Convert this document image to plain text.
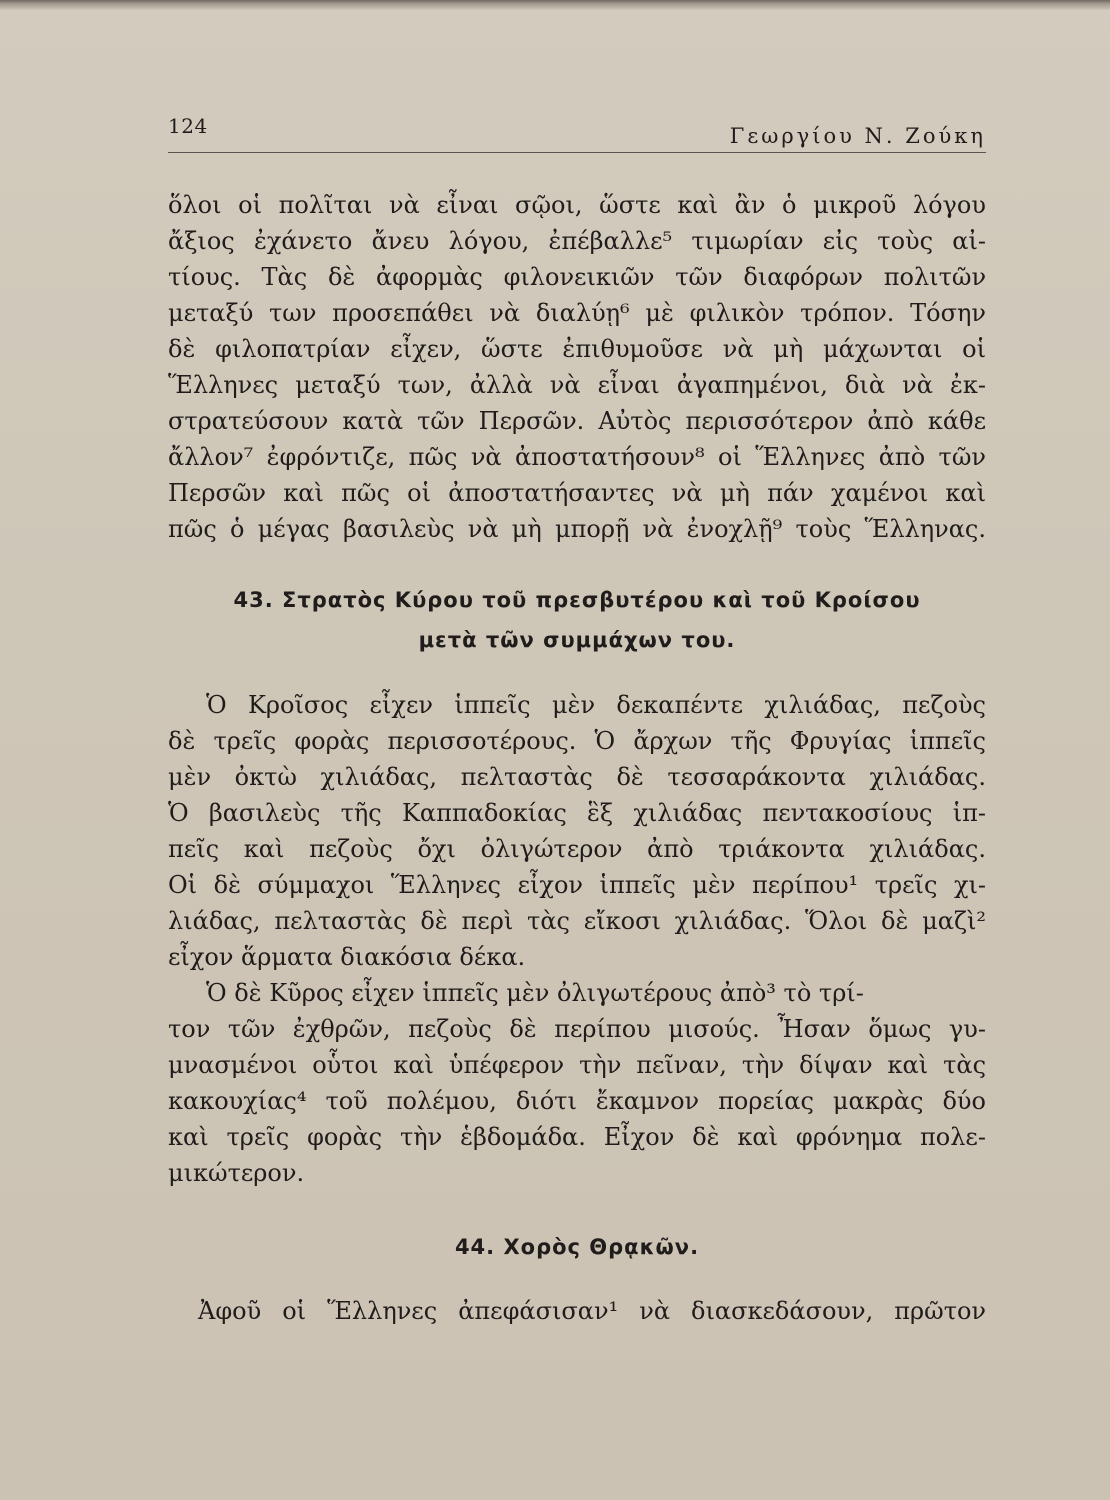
124	Γεωργίου Ν. Ζούκη
ὅλοι οἱ πολῖται νὰ εἶναι σῷοι, ὥστε καὶ ἂν ὁ μικροῦ λόγου
ἄξιος ἐχάνετο ἄνευ λόγου, ἐπέβαλλε⁵ τιμωρίαν εἰς τοὺς αἰ-
τίους. Τὰς δὲ ἀφορμὰς φιλονεικιῶν τῶν διαφόρων πολιτῶν
μεταξύ των προσεπάθει νὰ διαλύῃ⁶ μὲ φιλικὸν τρόπον. Τόσην
δὲ φιλοπατρίαν εἶχεν, ὥστε ἐπιθυμοῦσε νὰ μὴ μάχωνται οἱ
Ἕλληνες μεταξύ των, ἀλλὰ νὰ εἶναι ἀγαπημένοι, διὰ νὰ ἐκ-
στρατεύσουν κατὰ τῶν Περσῶν. Αὐτὸς περισσότερον ἀπὸ κάθε
ἄλλον⁷ ἐφρόντιζε, πῶς νὰ ἀποστατήσουν⁸ οἱ Ἕλληνες ἀπὸ τῶν
Περσῶν καὶ πῶς οἱ ἀποστατήσαντες νὰ μὴ πάν χαμένοι καὶ
πῶς ὁ μέγας βασιλεὺς νὰ μὴ μπορῇ νὰ ἐνοχλῇ⁹ τοὺς Ἕλληνας.
43. Στρατὸς Κύρου τοῦ πρεσβυτέρου καὶ τοῦ Κροίσου
μετὰ τῶν συμμάχων του.
Ὁ Κροῖσος εἶχεν ἱππεῖς μὲν δεκαπέντε χιλιάδας, πεζοὺς
δὲ τρεῖς φορὰς περισσοτέρους. Ὁ ἄρχων τῆς Φρυγίας ἱππεῖς
μὲν ὀκτὼ χιλιάδας, πελταστὰς δὲ τεσσαράκοντα χιλιάδας.
Ὁ βασιλεὺς τῆς Καππαδοκίας ἓξ χιλιάδας πεντακοσίους ἱπ-
πεῖς καὶ πεζοὺς ὄχι ὀλιγώτερον ἀπὸ τριάκοντα χιλιάδας.
Οἱ δὲ σύμμαχοι Ἕλληνες εἶχον ἱππεῖς μὲν περίπου¹ τρεῖς χι-
λιάδας, πελταστὰς δὲ περὶ τὰς εἴκοσι χιλιάδας. Ὅλοι δὲ μαζὶ²
εἶχον ἅρματα διακόσια δέκα.
Ὁ δὲ Κῦρος εἶχεν ἱππεῖς μὲν ὀλιγωτέρους ἀπὸ³ τὸ τρί-
τον τῶν ἐχθρῶν, πεζοὺς δὲ περίπου μισούς. Ἦσαν ὅμως γυ-
μνασμένοι οὗτοι καὶ ὑπέφερον τὴν πεῖναν, τὴν δίψαν καὶ τὰς
κακουχίας⁴ τοῦ πολέμου, διότι ἔκαμνον πορείας μακρὰς δύο
καὶ τρεῖς φορὰς τὴν ἑβδομάδα. Εἶχον δὲ καὶ φρόνημα πολε-
μικώτερον.
44. Χορὸς Θρᾳκῶν.
Ἀφοῦ οἱ Ἕλληνες ἀπεφάσισαν¹ νὰ διασκεδάσουν, πρῶτον
